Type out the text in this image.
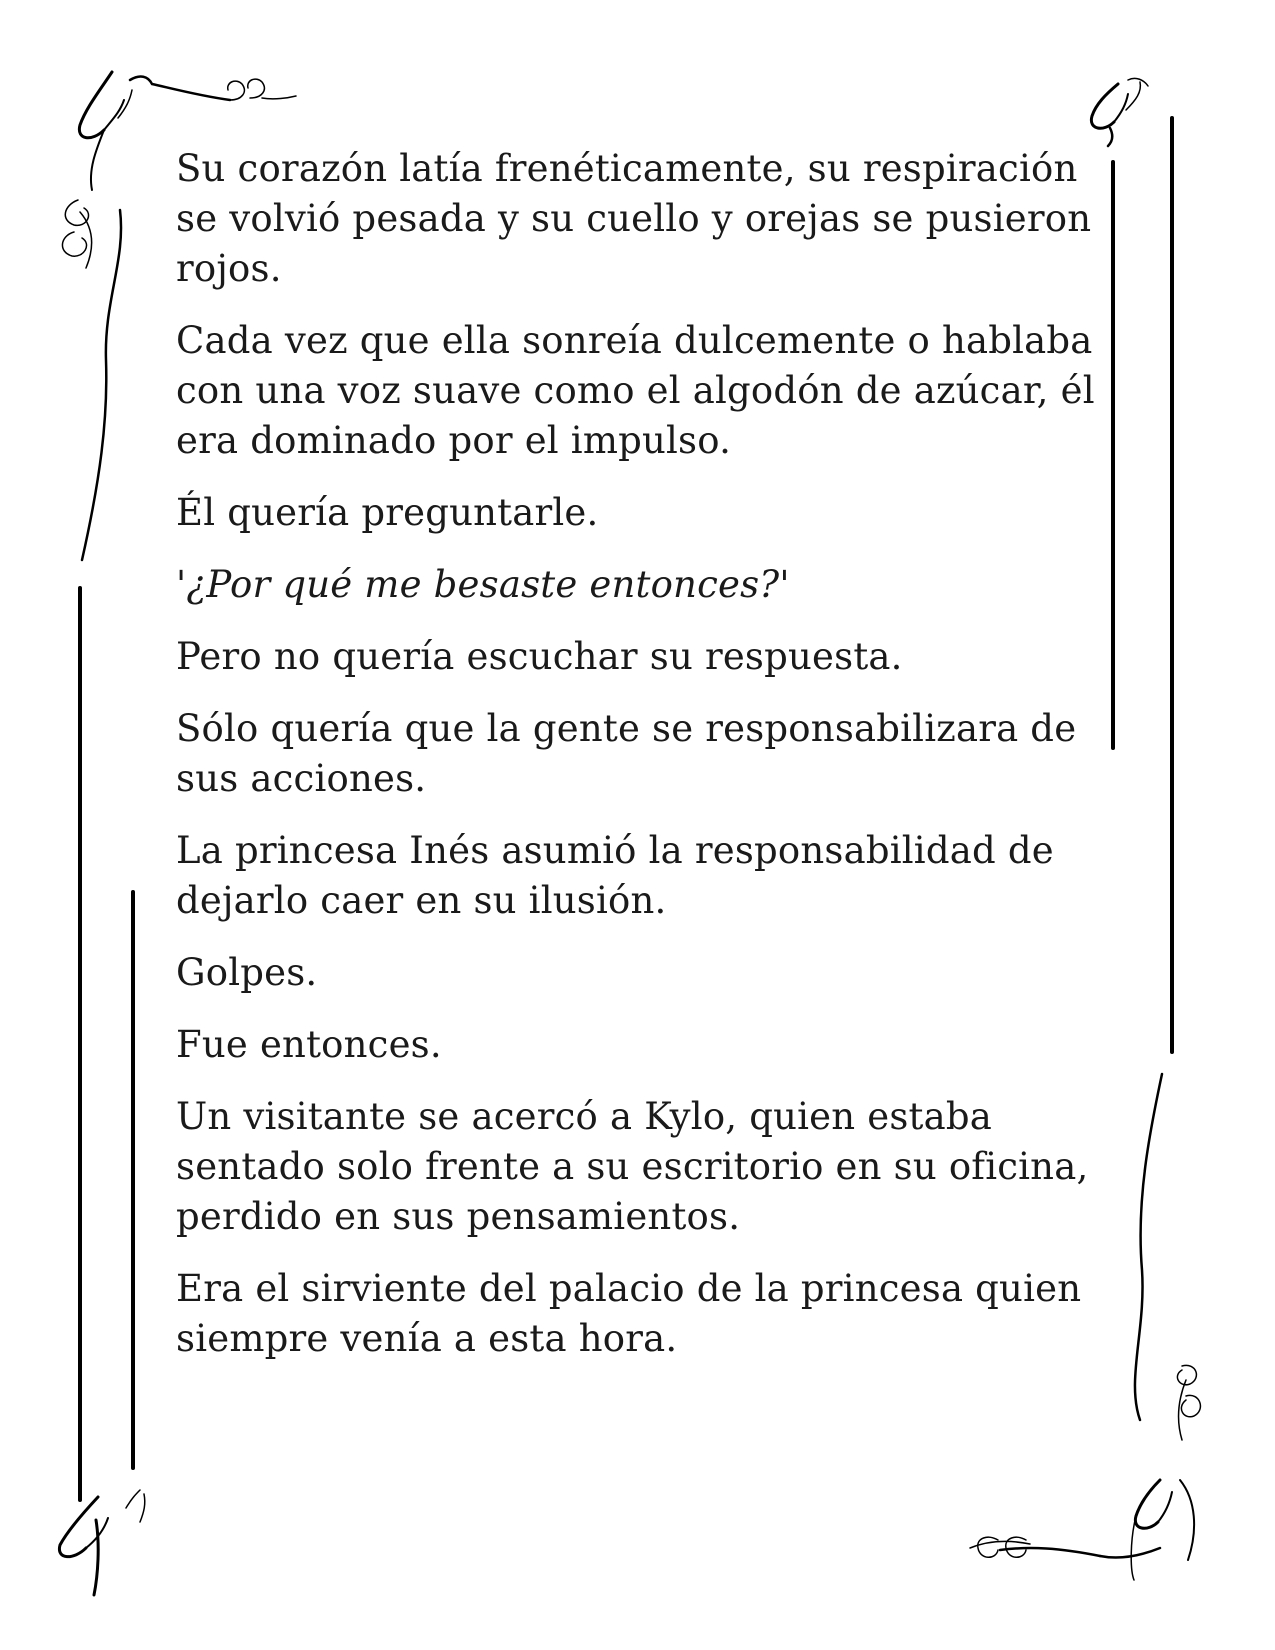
Su corazón latía frenéticamente, su respiración se volvió pesada y su cuello y orejas se pusieron rojos.

Cada vez que ella sonreía dulcemente o hablaba con una voz suave como el algodón de azúcar, él era dominado por el impulso.

Él quería preguntarle.

'¿Por qué me besaste entonces?'

Pero no quería escuchar su respuesta.

Sólo quería que la gente se responsabilizara de sus acciones.

La princesa Inés asumió la responsabilidad de dejarlo caer en su ilusión.

Golpes.

Fue entonces.

Un visitante se acercó a Kylo, quien estaba sentado solo frente a su escritorio en su oficina, perdido en sus pensamientos.

Era el sirviente del palacio de la princesa quien siempre venía a esta hora.
